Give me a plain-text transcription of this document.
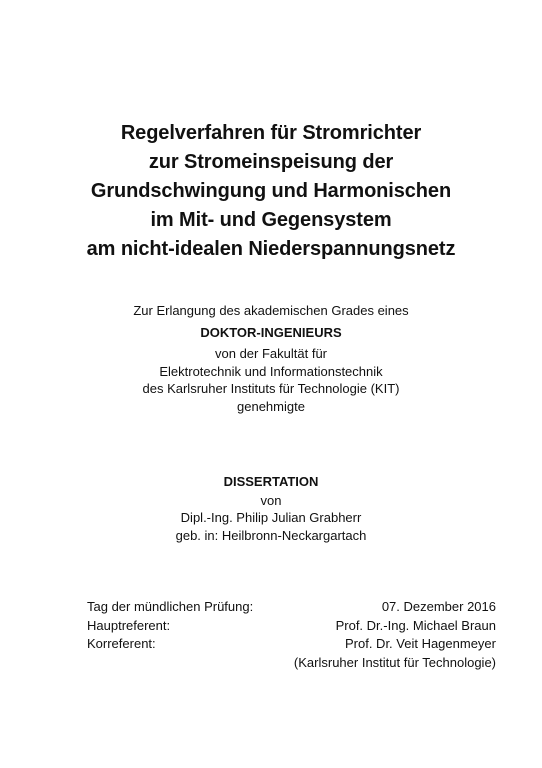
Regelverfahren für Stromrichter
zur Stromeinspeisung der
Grundschwingung und Harmonischen
im Mit- und Gegensystem
am nicht-idealen Niederspannungsnetz
Zur Erlangung des akademischen Grades eines
DOKTOR-INGENIEURS
von der Fakultät für
Elektrotechnik und Informationstechnik
des Karlsruher Instituts für Technologie (KIT)
genehmigte
DISSERTATION
von
Dipl.-Ing. Philip Julian Grabherr
geb. in: Heilbronn-Neckargartach
Tag der mündlichen Prüfung:	07. Dezember 2016
Hauptreferent:	Prof. Dr.-Ing. Michael Braun
Korreferent:	Prof. Dr. Veit Hagenmeyer
(Karlsruher Institut für Technologie)
